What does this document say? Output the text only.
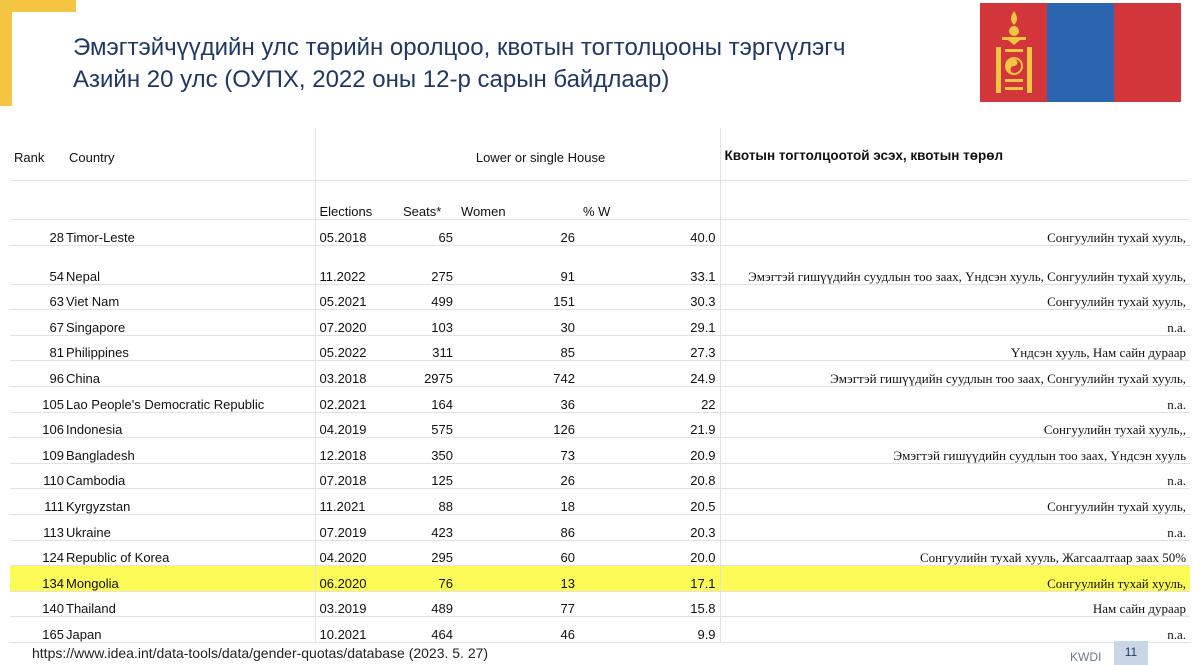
Эмэгтэйчүүдийн улс төрийн оролцоо, квотын тогтолцооны тэргүүлэгч
Азийн 20 улс (ОУПХ, 2022 оны 12-р сарын байдлаар)
Rank	Country	Lower or single House				Квотын тогтолцоотой эсэх, квотын төрөл
		Elections	Seats*	Women	% W	
28	Timor-Leste	05.2018	65	26	40.0	Сонгуулийн тухай хууль,
54	Nepal	11.2022	275	91	33.1	Эмэгтэй гишүүдийн суудлын тоо заах, Үндсэн хууль, Сонгуулийн тухай хууль,
63	Viet Nam	05.2021	499	151	30.3	Сонгуулийн тухай хууль,
67	Singapore	07.2020	103	30	29.1	n.a.
81	Philippines	05.2022	311	85	27.3	Үндсэн хууль, Нам сайн дураар
96	China	03.2018	2975	742	24.9	Эмэгтэй гишүүдийн суудлын тоо заах, Сонгуулийн тухай хууль,
105	Lao People's Democratic Republic	02.2021	164	36	22	n.a.
106	Indonesia	04.2019	575	126	21.9	Сонгуулийн тухай хууль,,
109	Bangladesh	12.2018	350	73	20.9	Эмэгтэй гишүүдийн суудлын тоо заах, Үндсэн хууль
110	Cambodia	07.2018	125	26	20.8	n.a.
111	Kyrgyzstan	11.2021	88	18	20.5	Сонгуулийн тухай хууль,
113	Ukraine	07.2019	423	86	20.3	n.a.
124	Republic of Korea	04.2020	295	60	20.0	Сонгуулийн тухай хууль, Жагсаалтаар заах 50%
134	Mongolia	06.2020	76	13	17.1	Сонгуулийн тухай хууль,
140	Thailand	03.2019	489	77	15.8	Нам сайн дураар
165	Japan	10.2021	464	46	9.9	n.a.
https://www.idea.int/data-tools/data/gender-quotas/database (2023. 5. 27)	KWDI	11
